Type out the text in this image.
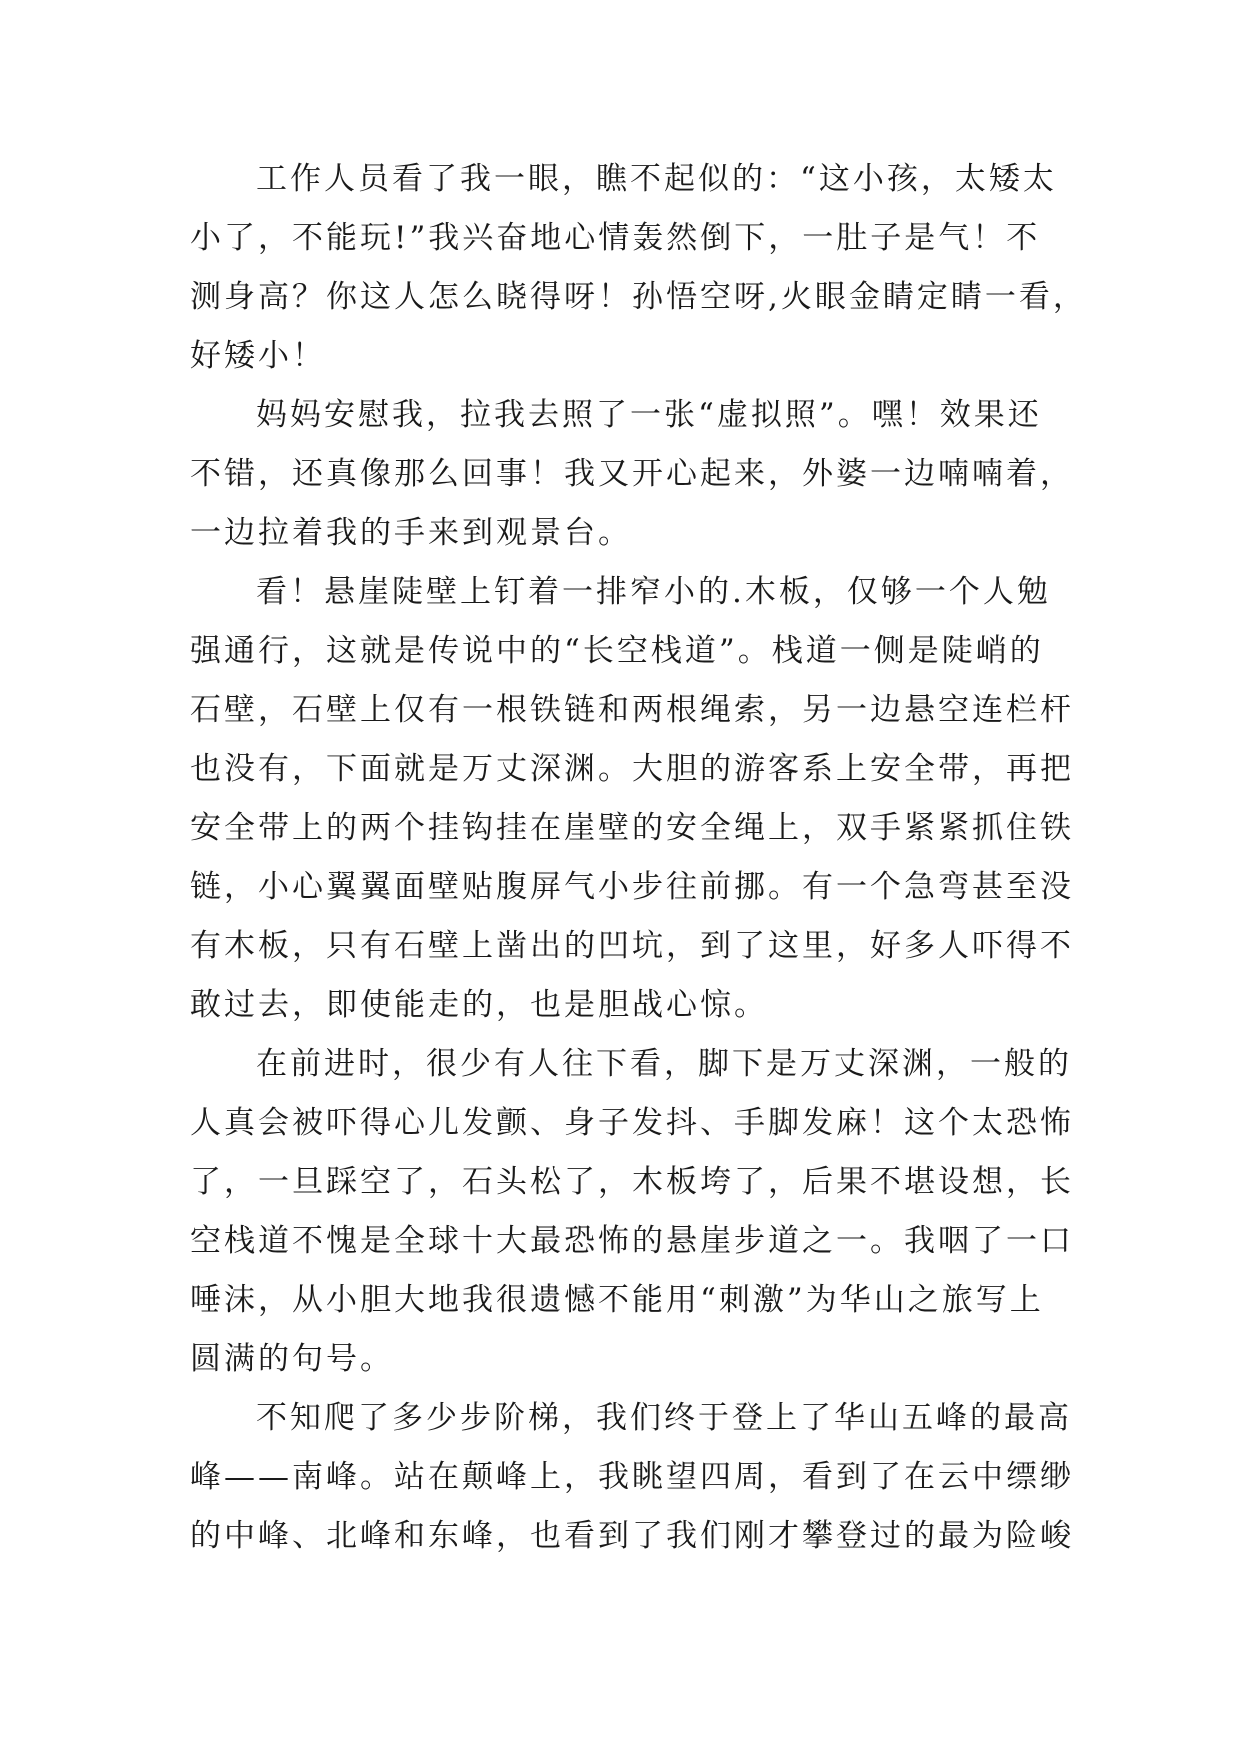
工作人员看了我一眼，瞧不起似的：“这小孩，太矮太
小了，不能玩!”我兴奋地心情轰然倒下，一肚子是气！不
测身高？你这人怎么晓得呀！孙悟空呀,火眼金睛定睛一看，
好矮小！

妈妈安慰我，拉我去照了一张“虚拟照”。嘿！效果还
不错，还真像那么回事！我又开心起来，外婆一边喃喃着，
一边拉着我的手来到观景台。

看！悬崖陡壁上钉着一排窄小的.木板，仅够一个人勉
强通行，这就是传说中的“长空栈道”。栈道一侧是陡峭的
石壁，石壁上仅有一根铁链和两根绳索，另一边悬空连栏杆
也没有，下面就是万丈深渊。大胆的游客系上安全带，再把
安全带上的两个挂钩挂在崖壁的安全绳上，双手紧紧抓住铁
链，小心翼翼面壁贴腹屏气小步往前挪。有一个急弯甚至没
有木板，只有石壁上凿出的凹坑，到了这里，好多人吓得不
敢过去，即使能走的，也是胆战心惊。

在前进时，很少有人往下看，脚下是万丈深渊，一般的
人真会被吓得心儿发颤、身子发抖、手脚发麻！这个太恐怖
了，一旦踩空了，石头松了，木板垮了，后果不堪设想，长
空栈道不愧是全球十大最恐怖的悬崖步道之一。我咽了一口
唾沫，从小胆大地我很遗憾不能用“刺激”为华山之旅写上
圆满的句号。

不知爬了多少步阶梯，我们终于登上了华山五峰的最高
峰——南峰。站在颠峰上，我眺望四周，看到了在云中缥缈
的中峰、北峰和东峰，也看到了我们刚才攀登过的最为险峻
